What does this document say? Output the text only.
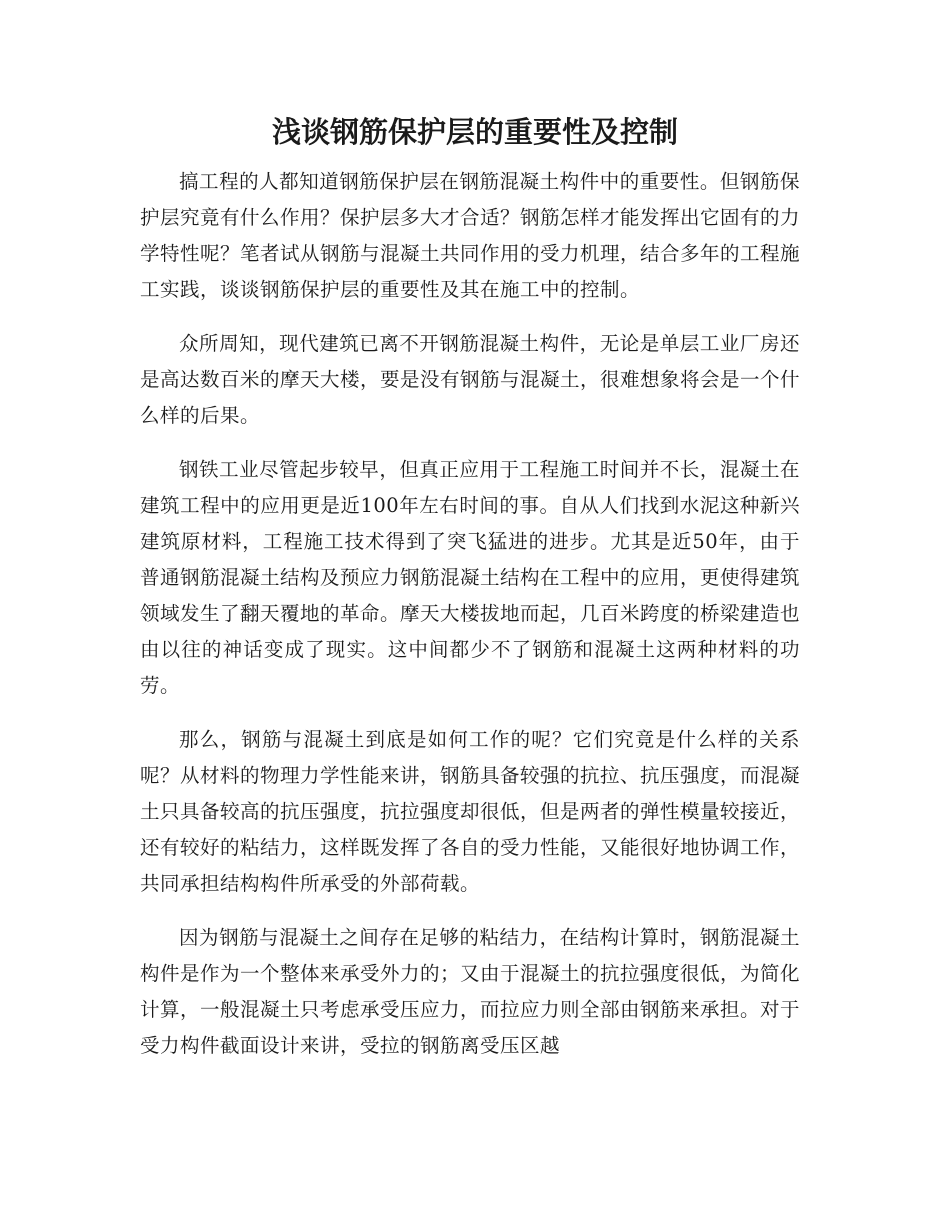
浅谈钢筋保护层的重要性及控制

搞工程的人都知道钢筋保护层在钢筋混凝土构件中的重要性。但钢筋保护层究竟有什么作用？保护层多大才合适？钢筋怎样才能发挥出它固有的力学特性呢？笔者试从钢筋与混凝土共同作用的受力机理，结合多年的工程施工实践，谈谈钢筋保护层的重要性及其在施工中的控制。

众所周知，现代建筑已离不开钢筋混凝土构件，无论是单层工业厂房还是高达数百米的摩天大楼，要是没有钢筋与混凝土，很难想象将会是一个什么样的后果。

钢铁工业尽管起步较早，但真正应用于工程施工时间并不长，混凝土在建筑工程中的应用更是近100年左右时间的事。自从人们找到水泥这种新兴建筑原材料，工程施工技术得到了突飞猛进的进步。尤其是近50年，由于普通钢筋混凝土结构及预应力钢筋混凝土结构在工程中的应用，更使得建筑领域发生了翻天覆地的革命。摩天大楼拔地而起，几百米跨度的桥梁建造也由以往的神话变成了现实。这中间都少不了钢筋和混凝土这两种材料的功劳。

那么，钢筋与混凝土到底是如何工作的呢？它们究竟是什么样的关系呢？从材料的物理力学性能来讲，钢筋具备较强的抗拉、抗压强度，而混凝土只具备较高的抗压强度，抗拉强度却很低，但是两者的弹性模量较接近，还有较好的粘结力，这样既发挥了各自的受力性能，又能很好地协调工作，共同承担结构构件所承受的外部荷载。

因为钢筋与混凝土之间存在足够的粘结力，在结构计算时，钢筋混凝土构件是作为一个整体来承受外力的；又由于混凝土的抗拉强度很低，为简化计算，一般混凝土只考虑承受压应力，而拉应力则全部由钢筋来承担。对于受力构件截面设计来讲，受拉的钢筋离受压区越
